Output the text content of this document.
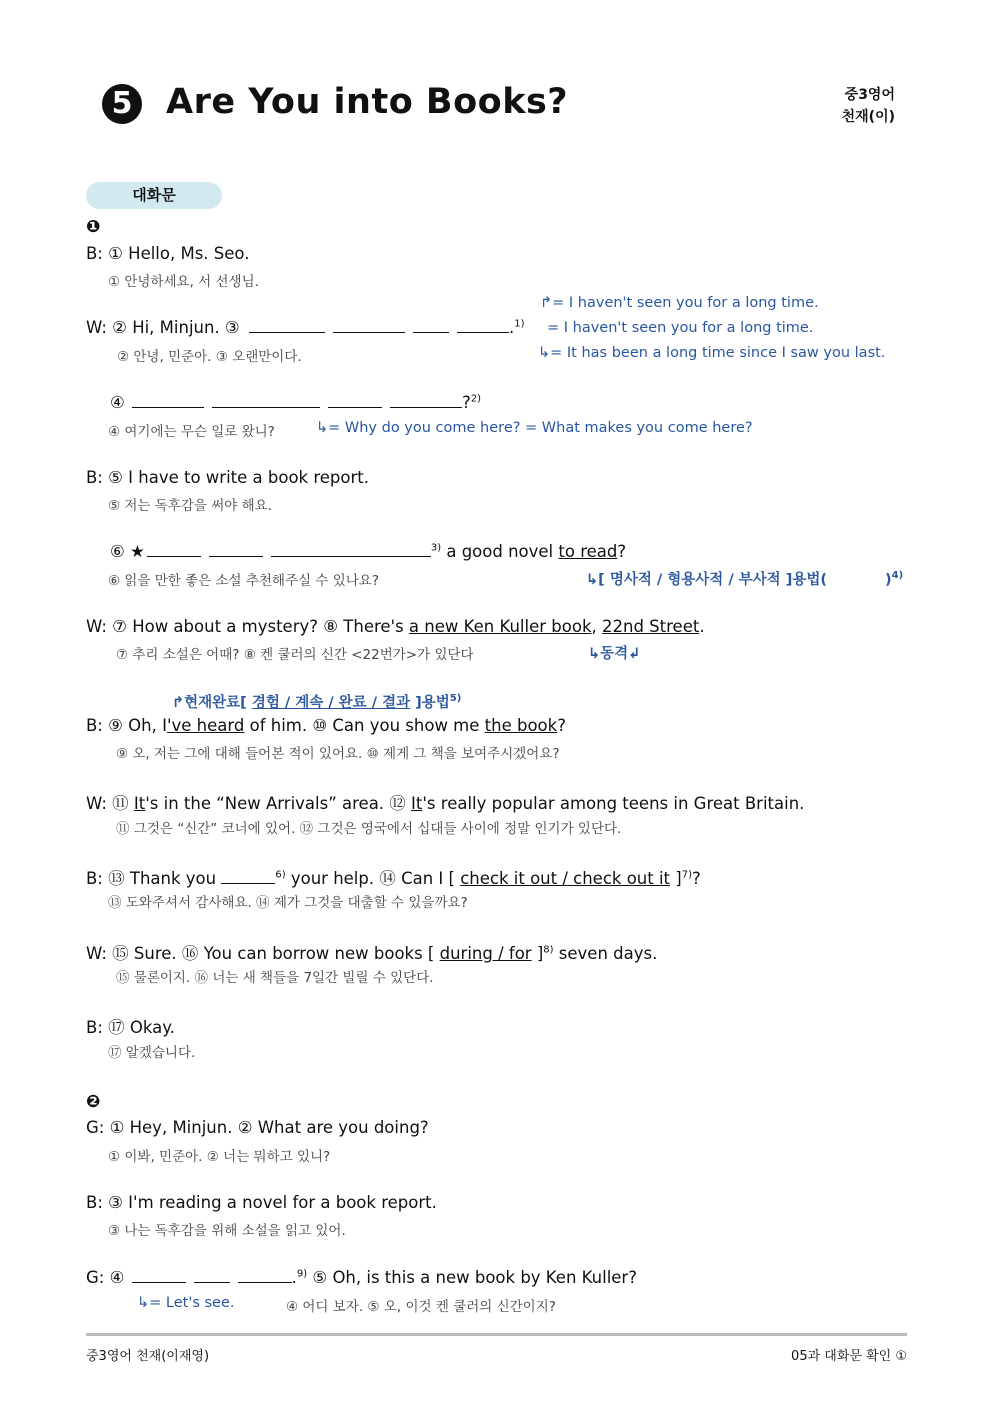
5 Are You into Books?	중3영어
천재(이)
대화문
❶
B: ① Hello, Ms. Seo.
① 안녕하세요, 서 선생님.
↱= I haven't seen you for a long time.
W: ② Hi, Minjun. ③	.$^{1)}$ = I haven't seen you for a long time.
② 안녕, 민준아. ③ 오랜만이다.	↳= It has been a long time since I saw you last.
④	?$^{2)}$
④ 여기에는 무슨 일로 왔니?	↳= Why do you come here? = What makes you come here?
B: ⑤ I have to write a book report.
⑤ 저는 독후감을 써야 해요.
⑥ ★	$^{3)}$ a good novel to read?
⑥ 읽을 만한 좋은 소설 추천해주실 수 있나요?	↳[ 명사적 / 형용사적 / 부사적 ]용법(	)$^{4)}$
W: ⑦ How about a mystery? ⑧ There's a new Ken Kuller book, 22nd Street.
⑦ 추리 소설은 어때? ⑧ 켄 쿨러의 신간 <22번가>가 있단다	↳동격↲
↱현재완료[ 경험 / 계속 / 완료 / 결과 ]용법$^{5)}$
B: ⑨ Oh, I've heard of him. ⑩ Can you show me the book?
⑨ 오, 저는 그에 대해 들어본 적이 있어요. ⑩ 제게 그 책을 보여주시겠어요?
W: ⑪ It's in the “New Arrivals” area. ⑫ It's really popular among teens in Great Britain.
⑪ 그것은 “신간” 코너에 있어. ⑫ 그것은 영국에서 십대들 사이에 정말 인기가 있단다.
B: ⑬ Thank you	$^{6)}$ your help. ⑭ Can I [ check it out / check out it ]$^{7)}$?
⑬ 도와주셔서 감사해요. ⑭ 제가 그것을 대출할 수 있을까요?
W: ⑮ Sure. ⑯ You can borrow new books [ during / for ]$^{8)}$ seven days.
⑮ 물론이지. ⑯ 너는 새 책들을 7일간 빌릴 수 있단다.
B: ⑰ Okay.
⑰ 알겠습니다.
❷
G: ① Hey, Minjun. ② What are you doing?
① 이봐, 민준아. ② 너는 뭐하고 있니?
B: ③ I'm reading a novel for a book report.
③ 나는 독후감을 위해 소설을 읽고 있어.
G: ④	.$^{9)}$ ⑤ Oh, is this a new book by Ken Kuller?
↳= Let's see.	④ 어디 보자. ⑤ 오, 이것 켄 쿨러의 신간이지?
중3영어 천재(이재영)	05과 대화문 확인 ①
